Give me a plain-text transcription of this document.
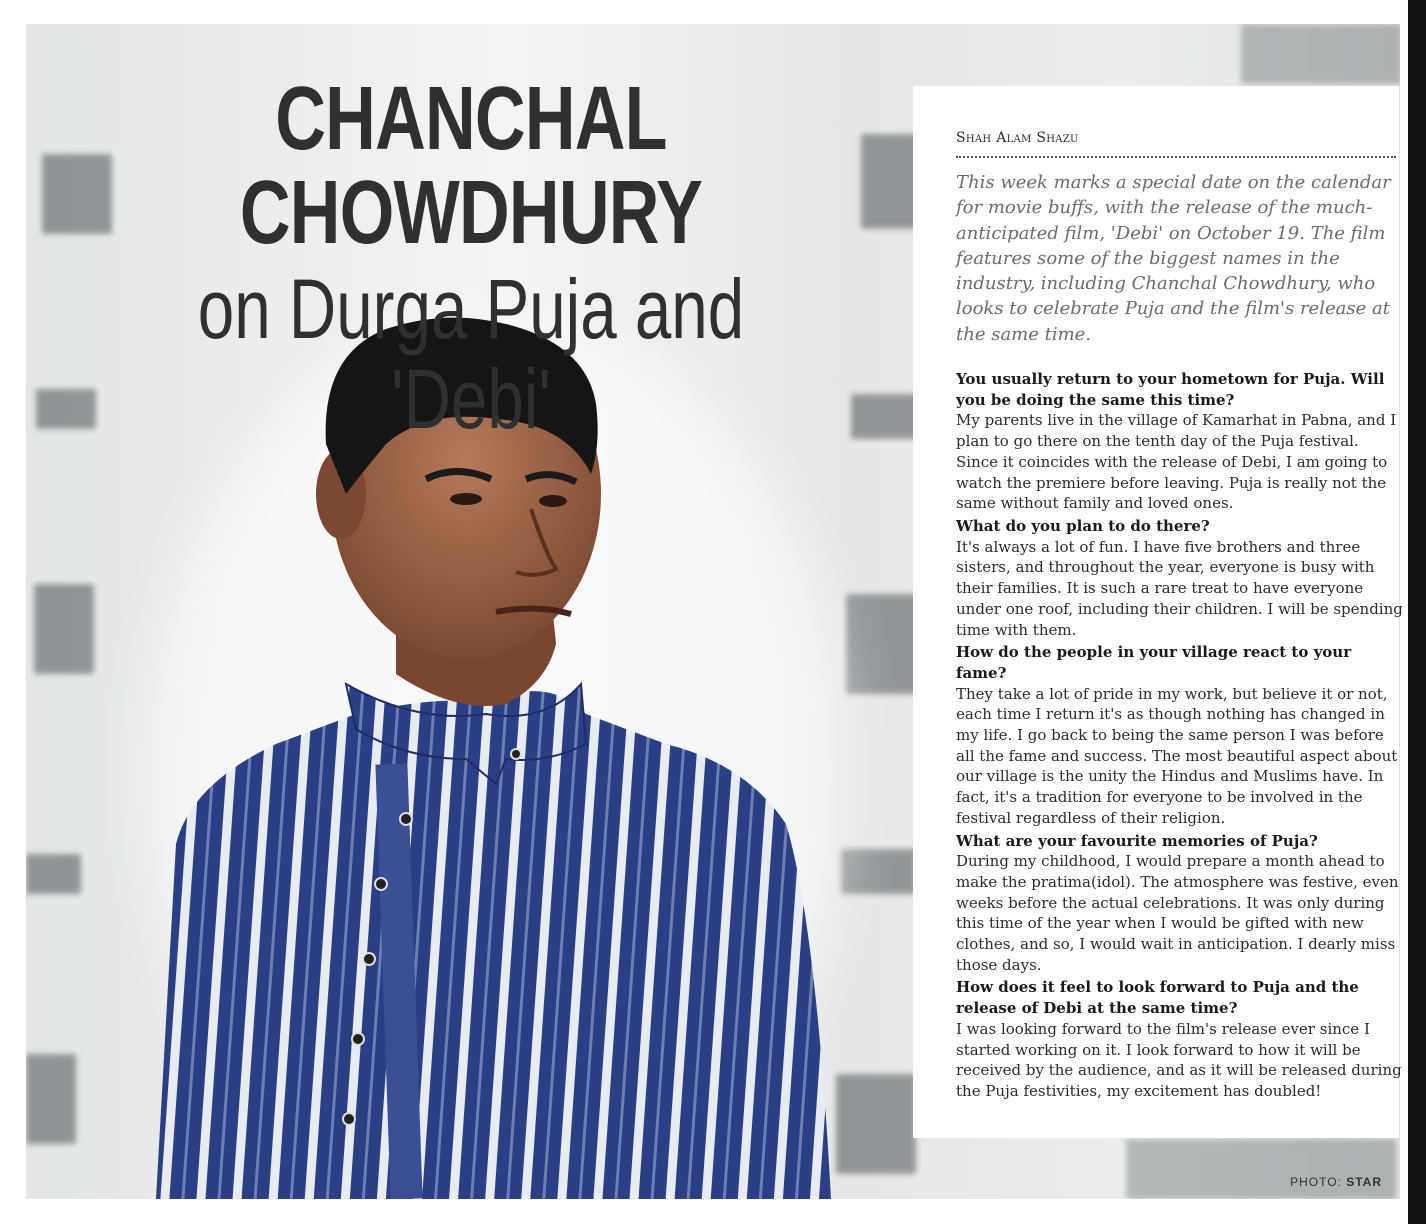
CHANCHAL CHOWDHURY
on Durga Puja and 'Debi'
Shah Alam Shazu
This week marks a special date on the calendar for movie buffs, with the release of the much-anticipated film, 'Debi' on October 19. The film features some of the biggest names in the industry, including Chanchal Chowdhury, who looks to celebrate Puja and the film's release at the same time.
You usually return to your hometown for Puja. Will you be doing the same this time?
My parents live in the village of Kamarhat in Pabna, and I plan to go there on the tenth day of the Puja festival. Since it coincides with the release of Debi, I am going to watch the premiere before leaving. Puja is really not the same without family and loved ones.
What do you plan to do there?
It's always a lot of fun. I have five brothers and three sisters, and throughout the year, everyone is busy with their families. It is such a rare treat to have everyone under one roof, including their children. I will be spending time with them.
How do the people in your village react to your fame?
They take a lot of pride in my work, but believe it or not, each time I return it's as though nothing has changed in my life. I go back to being the same person I was before all the fame and success. The most beautiful aspect about our village is the unity the Hindus and Muslims have. In fact, it's a tradition for everyone to be involved in the festival regardless of their religion.
What are your favourite memories of Puja?
During my childhood, I would prepare a month ahead to make the pratima(idol). The atmosphere was festive, even weeks before the actual celebrations. It was only during this time of the year when I would be gifted with new clothes, and so, I would wait in anticipation. I dearly miss those days.
How does it feel to look forward to Puja and the release of Debi at the same time?
I was looking forward to the film's release ever since I started working on it. I look forward to how it will be received by the audience, and as it will be released during the Puja festivities, my excitement has doubled!
PHOTO: STAR
